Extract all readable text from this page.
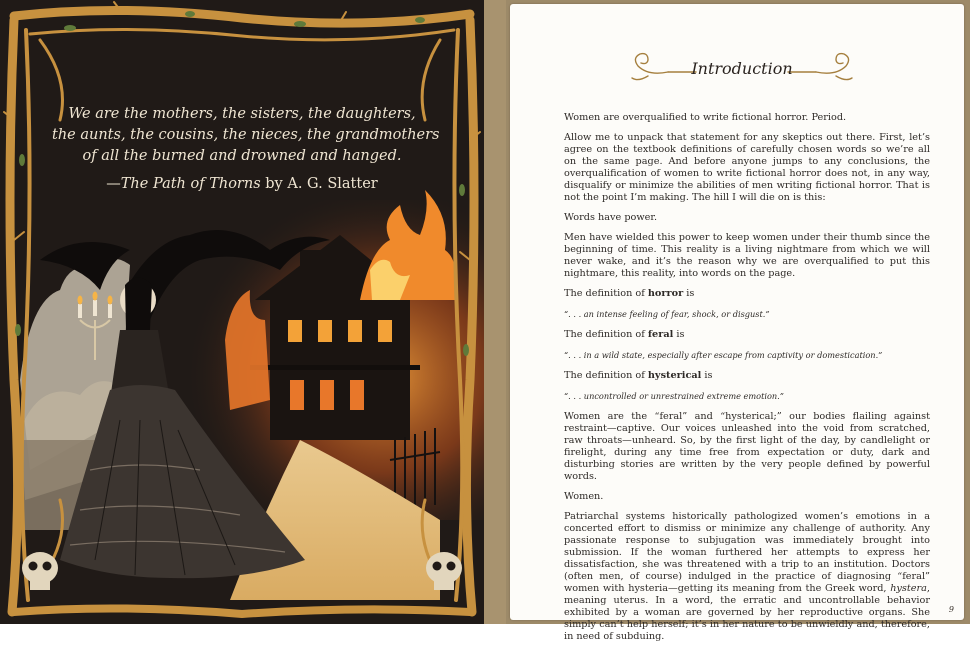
We are the mothers, the sisters, the daughters,
the aunts, the cousins, the nieces, the grandmothers
of all the burned and drowned and hanged.
—The Path of Thorns by A. G. Slatter
Introduction

Women are overqualified to write fictional horror. Period.

Allow me to unpack that statement for any skeptics out there. First, let’s agree on the textbook definitions of carefully chosen words so we’re all on the same page. And before anyone jumps to any conclusions, the overqualification of women to write fictional horror does not, in any way, disqualify or minimize the abilities of men writing fictional horror. That is not the point I’m making. The hill I will die on is this:

Words have power.

Men have wielded this power to keep women under their thumb since the beginning of time. This reality is a living nightmare from which we will never wake, and it’s the reason why we are overqualified to put this nightmare, this reality, into words on the page.

The definition of horror is

“. . . an intense feeling of fear, shock, or disgust.”

The definition of feral is

“. . . in a wild state, especially after escape from captivity or domestication.”

The definition of hysterical is

“. . . uncontrolled or unrestrained extreme emotion.”

Women are the “feral” and “hysterical;” our bodies flailing against restraint—captive. Our voices unleashed into the void from scratched, raw throats—unheard. So, by the first light of the day, by candlelight or firelight, during any time free from expectation or duty, dark and disturbing stories are written by the very people defined by powerful words.

Women.

Patriarchal systems historically pathologized women’s emotions in a concerted effort to dismiss or minimize any challenge of authority. Any passionate response to subjugation was immediately brought into submission. If the woman furthered her attempts to express her dissatisfaction, she was threatened with a trip to an institution. Doctors (often men, of course) indulged in the practice of diagnosing “feral” women with hysteria—getting its meaning from the Greek word, hystera, meaning uterus. In a word, the erratic and uncontrollable behavior exhibited by a woman are governed by her reproductive organs. She simply can’t help herself; it’s in her nature to be unwieldly and, therefore, in need of subduing.

9
